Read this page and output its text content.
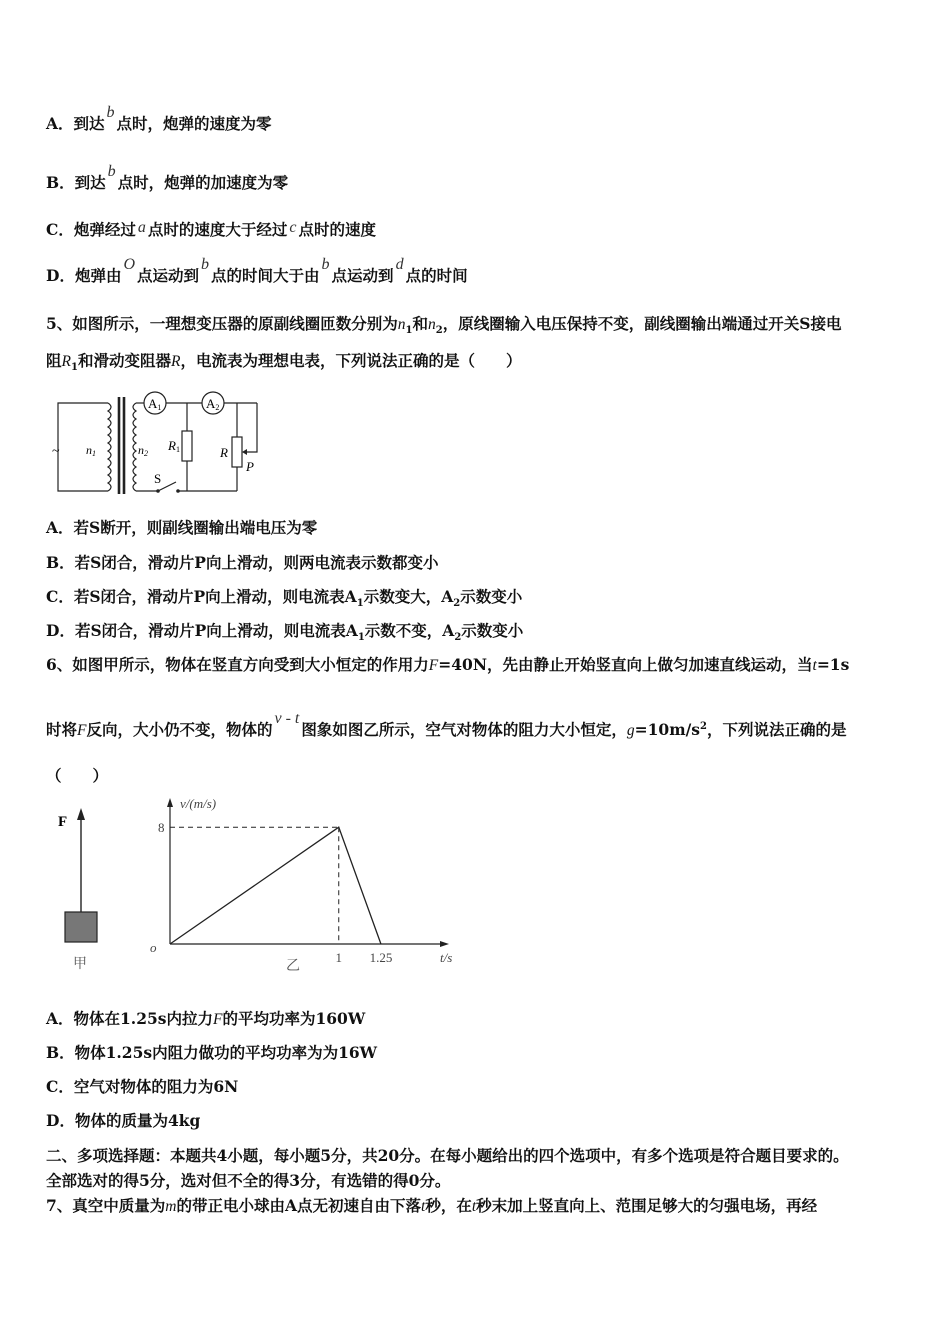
A．到达b点时，炮弹的速度为零
B．到达b点时，炮弹的加速度为零
C．炮弹经过 a 点时的速度大于经过 c 点时的速度
D．炮弹由O点运动到b点的时间大于由b点运动到d点的时间
5、如图所示，一理想变压器的原副线圈匝数分别为$n_1$和$n_2$，原线圈输入电压保持不变，副线圈输出端通过开关S接电
阻$R_1$和滑动变阻器R，电流表为理想电表，下列说法正确的是（　　）
~ n1	n2
A1	A2
R1	R
P
S
A．若S断开，则副线圈输出端电压为零
B．若S闭合，滑动片P向上滑动，则两电流表示数都变小
C．若S闭合，滑动片P向上滑动，则电流表$A_1$示数变大，$A_2$示数变小
D．若S闭合，滑动片P向上滑动，则电流表$A_1$示数不变，$A_2$示数变小
6、如图甲所示，物体在竖直方向受到大小恒定的作用力F=40N，先由静止开始竖直向上做匀加速直线运动，当t=1s
时将F反向，大小仍不变，物体的v - t图象如图乙所示，空气对物体的阻力大小恒定，$g=10m/s^2$，下列说法正确的是
（　　）
F
甲
v/(m/s)
t/s
o
乙
8
1 1.25
A．物体在1.25s内拉力F的平均功率为160W
B．物体1.25s内阻力做功的平均功率为为16W
C．空气对物体的阻力为6N
D．物体的质量为4kg
二、多项选择题：本题共4小题，每小题5分，共20分。在每小题给出的四个选项中，有多个选项是符合题目要求的。
全部选对的得5分，选对但不全的得3分，有选错的得0分。
7、真空中质量为m的带正电小球由A点无初速自由下落t秒，在t秒末加上竖直向上、范围足够大的匀强电场，再经
